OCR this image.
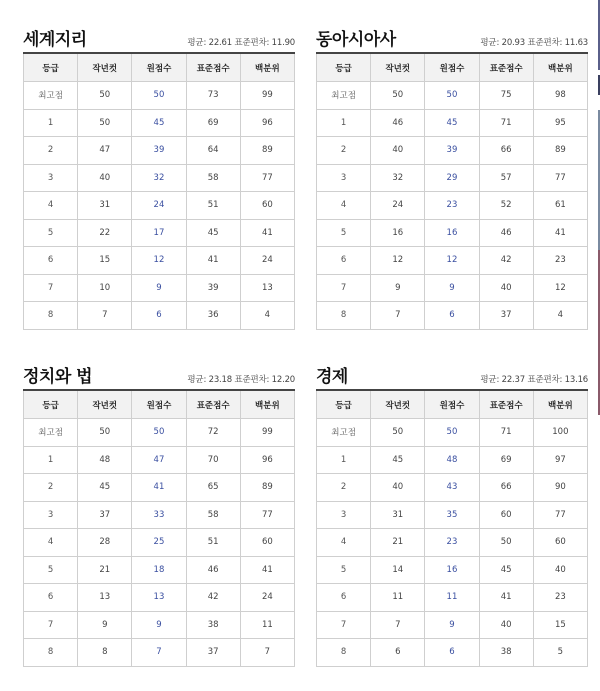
세계지리	평균: 22.61 표준편차: 11.90
등급	작년컷	원점수	표준점수	백분위
최고점	50	50	73	99
1	50	45	69	96
2	47	39	64	89
3	40	32	58	77
4	31	24	51	60
5	22	17	45	41
6	15	12	41	24
7	10	9	39	13
8	7	6	36	4
동아시아사	평균: 20.93 표준편차: 11.63
등급	작년컷	원점수	표준점수	백분위
최고점	50	50	75	98
1	46	45	71	95
2	40	39	66	89
3	32	29	57	77
4	24	23	52	61
5	16	16	46	41
6	12	12	42	23
7	9	9	40	12
8	7	6	37	4
정치와 법	평균: 23.18 표준편차: 12.20
등급	작년컷	원점수	표준점수	백분위
최고점	50	50	72	99
1	48	47	70	96
2	45	41	65	89
3	37	33	58	77
4	28	25	51	60
5	21	18	46	41
6	13	13	42	24
7	9	9	38	11
8	8	7	37	7
경제	평균: 22.37 표준편차: 13.16
등급	작년컷	원점수	표준점수	백분위
최고점	50	50	71	100
1	45	48	69	97
2	40	43	66	90
3	31	35	60	77
4	21	23	50	60
5	14	16	45	40
6	11	11	41	23
7	7	9	40	15
8	6	6	38	5
